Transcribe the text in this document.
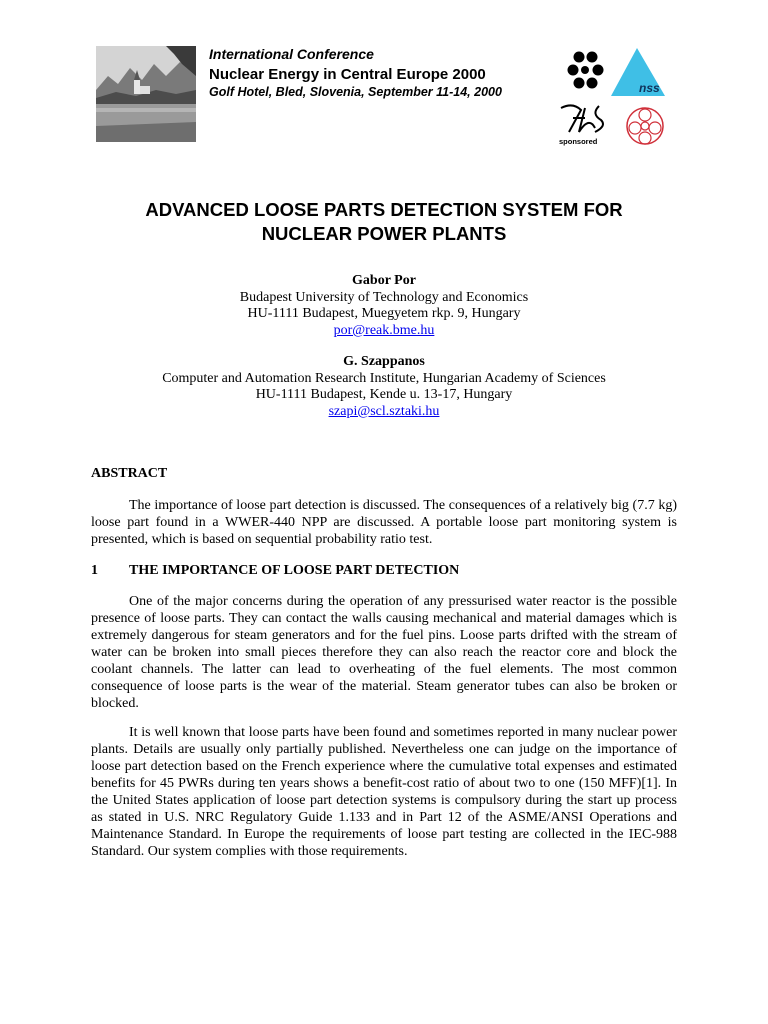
International Conference
Nuclear Energy in Central Europe 2000
Golf Hotel, Bled, Slovenia, September 11-14, 2000	nss
sponsored
ADVANCED LOOSE PARTS DETECTION SYSTEM FOR
NUCLEAR POWER PLANTS
Gabor Por
Budapest University of Technology and Economics
HU-1111 Budapest, Muegyetem rkp. 9, Hungary
por@reak.bme.hu
G. Szappanos
Computer and Automation Research Institute, Hungarian Academy of Sciences
HU-1111 Budapest, Kende u. 13-17, Hungary
szapi@scl.sztaki.hu
ABSTRACT
The importance of loose part detection is discussed. The consequences of a relatively big (7.7 kg) loose part found in a WWER-440 NPP are discussed. A portable loose part monitoring system is presented, which is based on sequential probability ratio test.
1 THE IMPORTANCE OF LOOSE PART DETECTION
One of the major concerns during the operation of any pressurised water reactor is the possible presence of loose parts. They can contact the walls causing mechanical and material damages which is extremely dangerous for steam generators and for the fuel pins. Loose parts drifted with the stream of water can be broken into small pieces therefore they can also reach the reactor core and block the coolant channels. The latter can lead to overheating of the fuel elements. The most common consequence of loose parts is the wear of the material. Steam generator tubes can also be broken or blocked.
It is well known that loose parts have been found and sometimes reported in many nuclear power plants. Details are usually only partially published. Nevertheless one can judge on the importance of loose part detection based on the French experience where the cumulative total expenses and estimated benefits for 45 PWRs during ten years shows a benefit-cost ratio of about two to one (150 MFF)[1]. In the United States application of loose part detection systems is compulsory during the start up process as stated in U.S. NRC Regulatory Guide 1.133 and in Part 12 of the ASME/ANSI Operations and Maintenance Standard. In Europe the requirements of loose part testing are collected in the IEC-988 Standard. Our system complies with those requirements.
